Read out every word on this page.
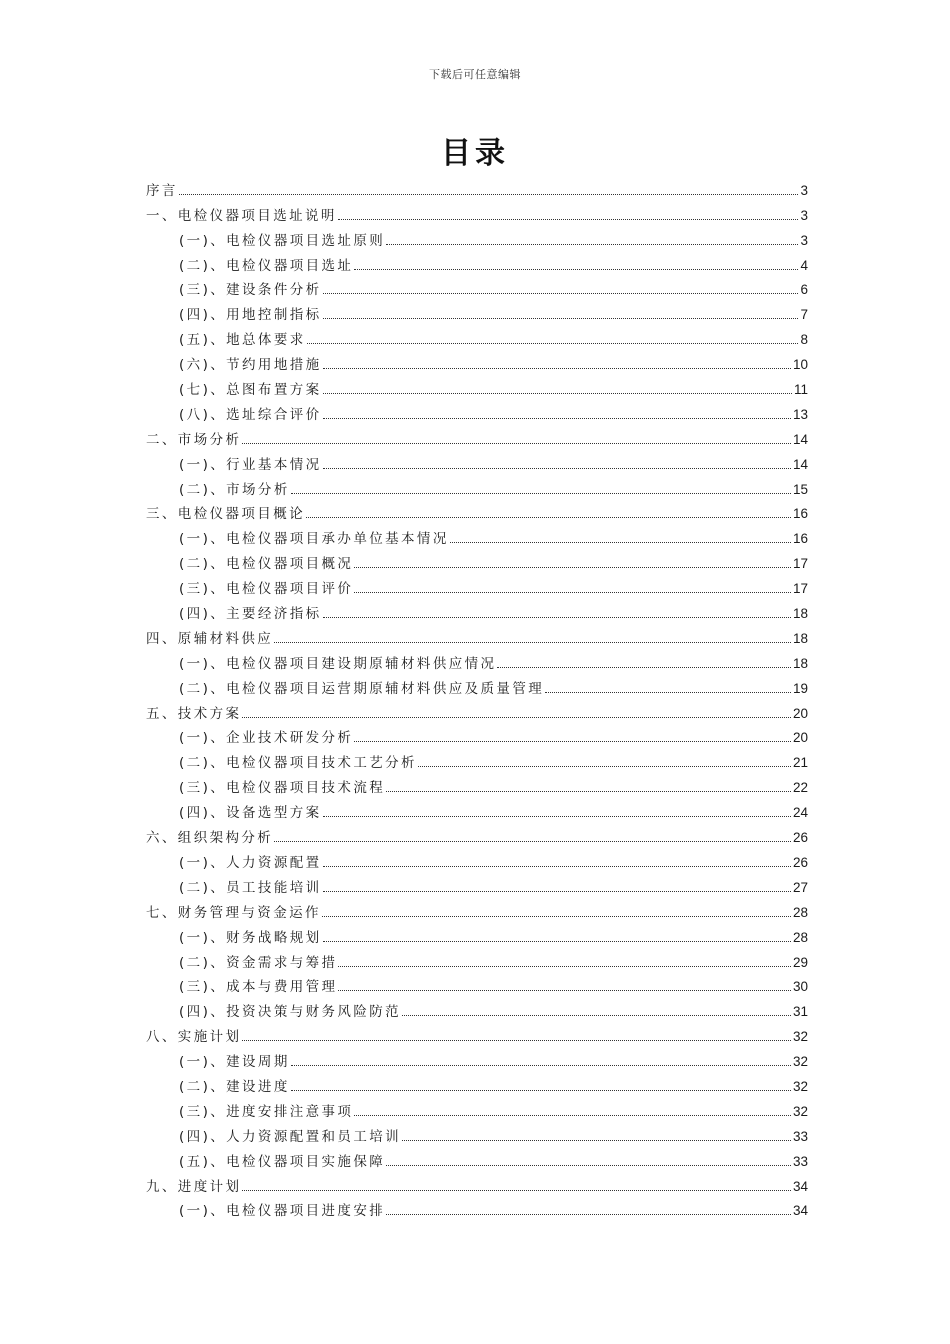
下载后可任意编辑
目录
序言	3
一、电检仪器项目选址说明	3
(一)、电检仪器项目选址原则	3
(二)、电检仪器项目选址	4
(三)、建设条件分析	6
(四)、用地控制指标	7
(五)、地总体要求	8
(六)、节约用地措施	10
(七)、总图布置方案	11
(八)、选址综合评价	13
二、市场分析	14
(一)、行业基本情况	14
(二)、市场分析	15
三、电检仪器项目概论	16
(一)、电检仪器项目承办单位基本情况	16
(二)、电检仪器项目概况	17
(三)、电检仪器项目评价	17
(四)、主要经济指标	18
四、原辅材料供应	18
(一)、电检仪器项目建设期原辅材料供应情况	18
(二)、电检仪器项目运营期原辅材料供应及质量管理	19
五、技术方案	20
(一)、企业技术研发分析	20
(二)、电检仪器项目技术工艺分析	21
(三)、电检仪器项目技术流程	22
(四)、设备选型方案	24
六、组织架构分析	26
(一)、人力资源配置	26
(二)、员工技能培训	27
七、财务管理与资金运作	28
(一)、财务战略规划	28
(二)、资金需求与筹措	29
(三)、成本与费用管理	30
(四)、投资决策与财务风险防范	31
八、实施计划	32
(一)、建设周期	32
(二)、建设进度	32
(三)、进度安排注意事项	32
(四)、人力资源配置和员工培训	33
(五)、电检仪器项目实施保障	33
九、进度计划	34
(一)、电检仪器项目进度安排	34
